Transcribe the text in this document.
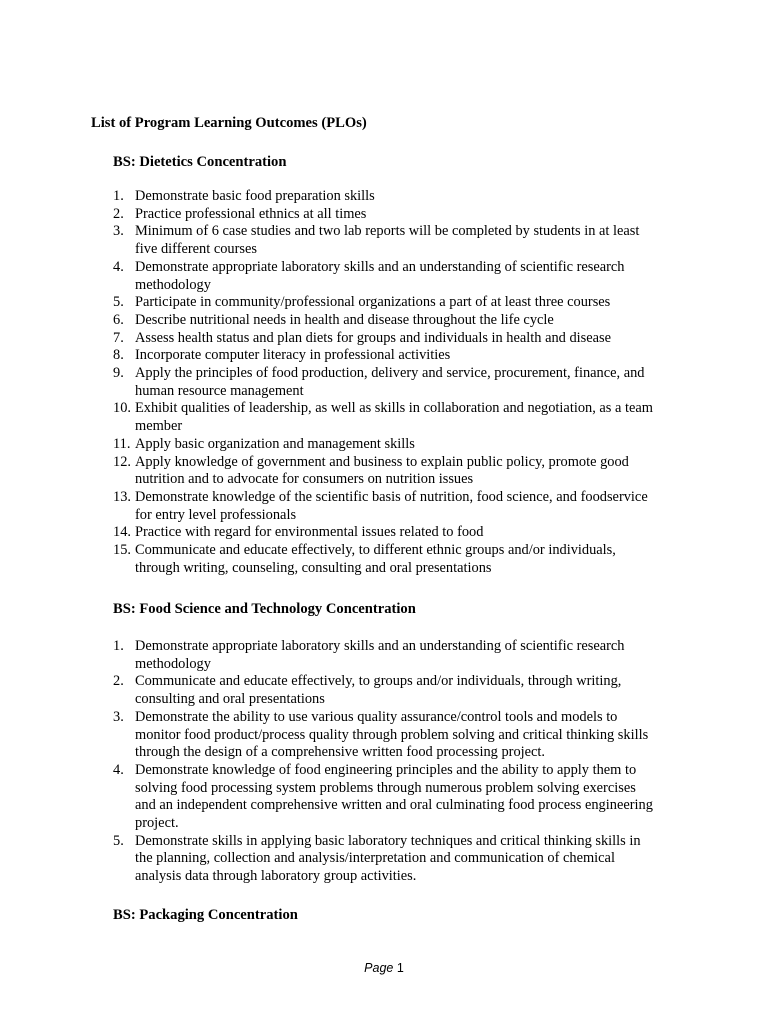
List of Program Learning Outcomes (PLOs)
BS: Dietetics Concentration
1. Demonstrate basic food preparation skills
2. Practice professional ethnics at all times
3. Minimum of 6 case studies and two lab reports will be completed by students in at least
five different courses
4. Demonstrate appropriate laboratory skills and an understanding of scientific research
methodology
5. Participate in community/professional organizations a part of at least three courses
6. Describe nutritional needs in health and disease throughout the life cycle
7. Assess health status and plan diets for groups and individuals in health and disease
8. Incorporate computer literacy in professional activities
9. Apply the principles of food production, delivery and service, procurement, finance, and
human resource management
10. Exhibit qualities of leadership, as well as skills in collaboration and negotiation, as a team
member
11. Apply basic organization and management skills
12. Apply knowledge of government and business to explain public policy, promote good
nutrition and to advocate for consumers on nutrition issues
13. Demonstrate knowledge of the scientific basis of nutrition, food science, and foodservice
for entry level professionals
14. Practice with regard for environmental issues related to food
15. Communicate and educate effectively, to different ethnic groups and/or individuals,
through writing, counseling, consulting and oral presentations
BS: Food Science and Technology Concentration
1. Demonstrate appropriate laboratory skills and an understanding of scientific research
methodology
2. Communicate and educate effectively, to groups and/or individuals, through writing,
consulting and oral presentations
3. Demonstrate the ability to use various quality assurance/control tools and models to
monitor food product/process quality through problem solving and critical thinking skills
through the design of a comprehensive written food processing project.
4. Demonstrate knowledge of food engineering principles and the ability to apply them to
solving food processing system problems through numerous problem solving exercises
and an independent comprehensive written and oral culminating food process engineering
project.
5. Demonstrate skills in applying basic laboratory techniques and critical thinking skills in
the planning, collection and analysis/interpretation and communication of chemical
analysis data through laboratory group activities.
BS: Packaging Concentration
Page 1
